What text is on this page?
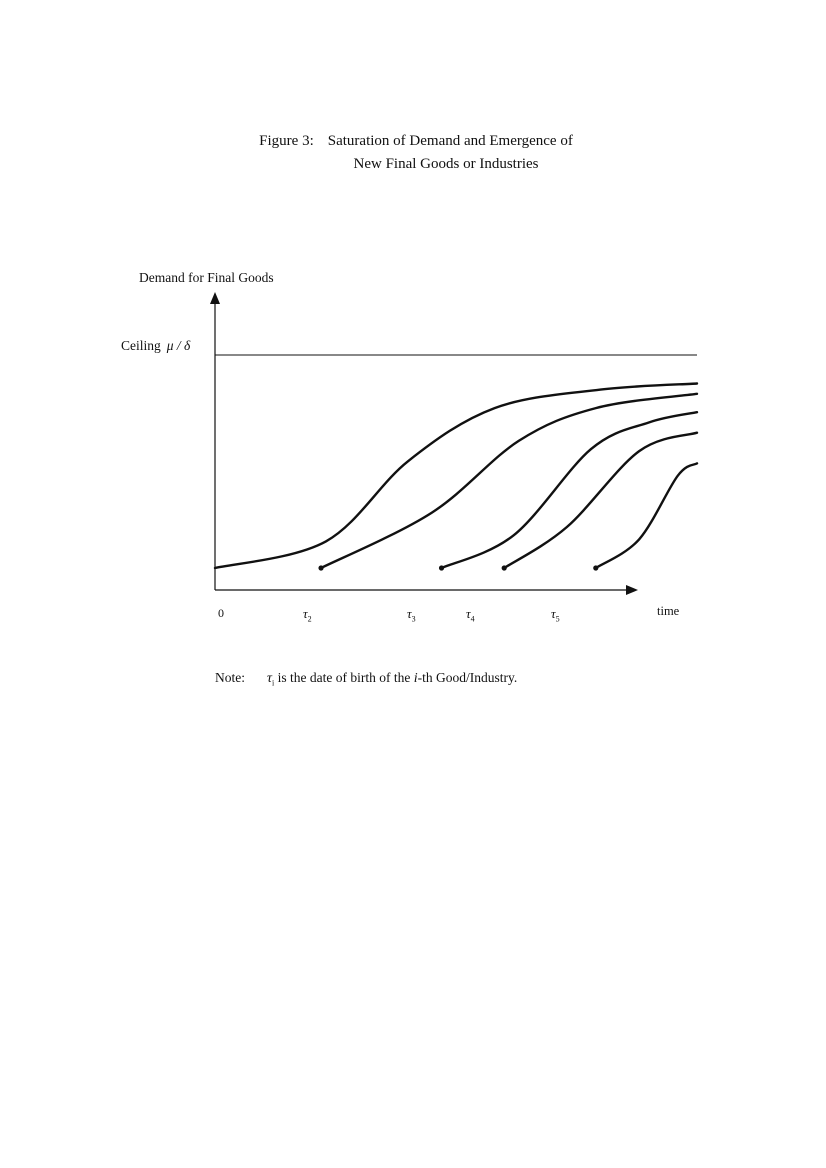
Figure 3: Saturation of Demand and Emergence of
New Final Goods or Industries
Demand for Final Goods
Ceiling μ / δ
0	$\tau_2$	$\tau_3$	$\tau_4$	$\tau_5$
time
Note: $\tau_i$ is the date of birth of the i-th Good/Industry.
